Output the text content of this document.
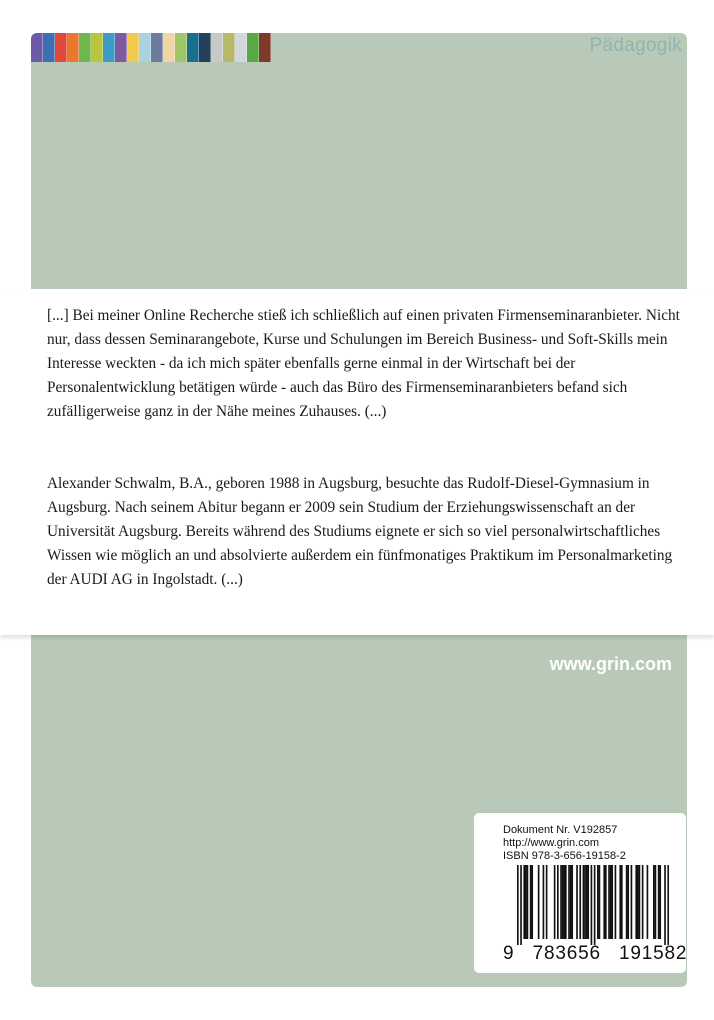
Pädagogik

[...] Bei meiner Online Recherche stieß ich schließlich auf einen privaten Firmenseminaranbieter. Nicht nur, dass dessen Seminarangebote, Kurse und Schulungen im Bereich Business- und Soft-Skills mein Interesse weckten - da ich mich später ebenfalls gerne einmal in der Wirtschaft bei der Personalentwicklung betätigen würde - auch das Büro des Firmenseminaranbieters befand sich zufälligerweise ganz in der Nähe meines Zuhauses. (...)

Alexander Schwalm, B.A., geboren 1988 in Augsburg, besuchte das Rudolf-Diesel-Gymnasium in Augsburg. Nach seinem Abitur begann er 2009 sein Studium der Erziehungswissenschaft an der Universität Augsburg. Bereits während des Studiums eignete er sich so viel personalwirtschaftliches Wissen wie möglich an und absolvierte außerdem ein fünfmonatiges Praktikum im Personalmarketing der AUDI AG in Ingolstadt. (...)

www.grin.com
Dokument Nr. V192857
http://www.grin.com
ISBN 978-3-656-19158-2
9   783656   191582
